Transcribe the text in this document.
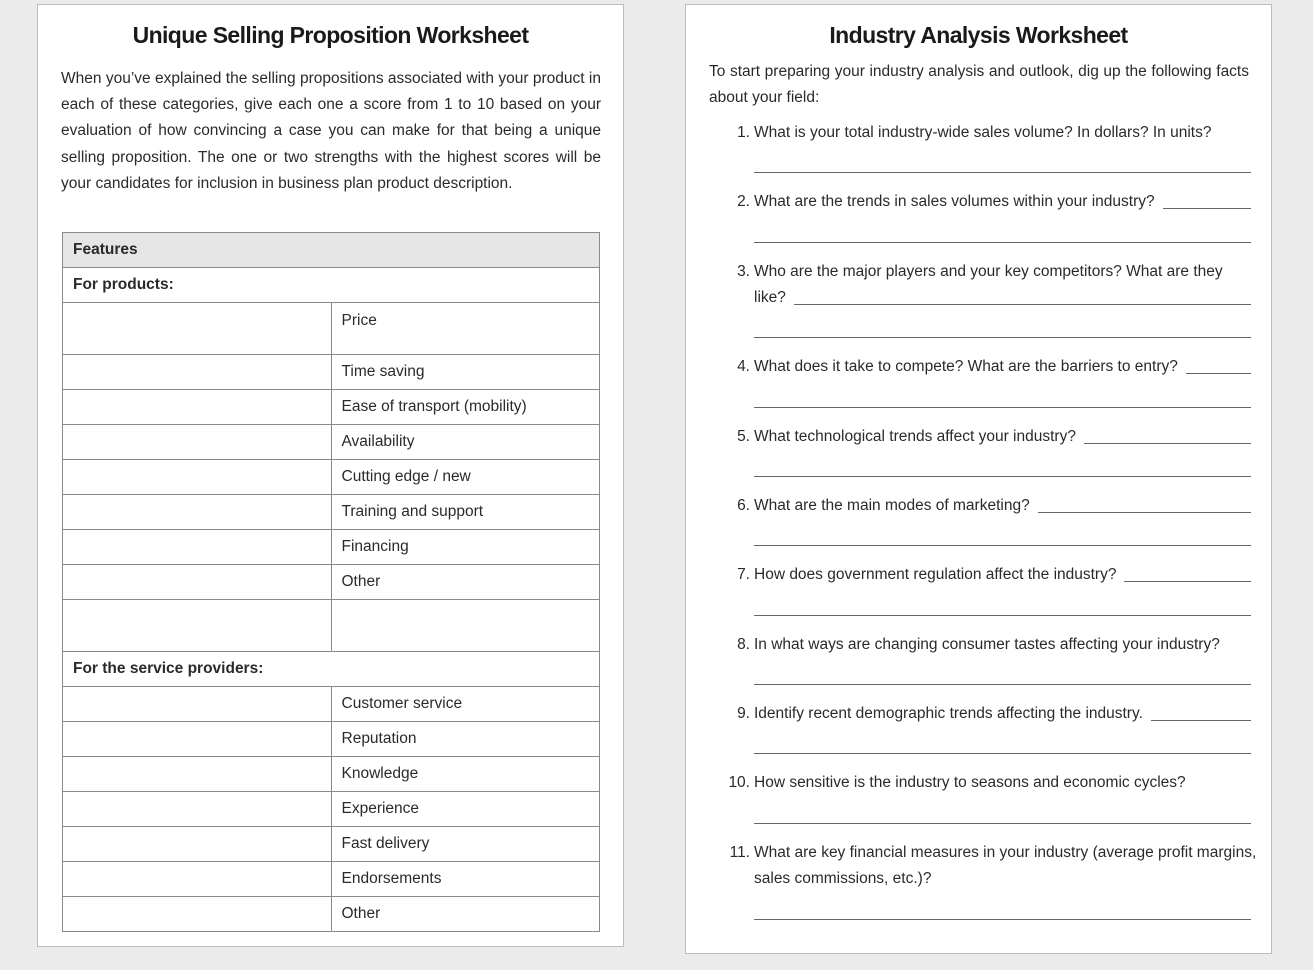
Unique Selling Proposition Worksheet

When you’ve explained the selling propositions associated with your product in each of these categories, give each one a score from 1 to 10 based on your evaluation of how convincing a case you can make for that being a unique selling proposition. The one or two strengths with the highest scores will be your candidates for inclusion in business plan product description.

Features	
For products:	
	Price
	Time saving
	Ease of transport (mobility)
	Availability
	Cutting edge / new
	Training and support
	Financing
	Other

For the service providers:	
	Customer service
	Reputation
	Knowledge
	Experience
	Fast delivery
	Endorsements
	Other
Industry Analysis Worksheet

To start preparing your industry analysis and outlook, dig up the following facts about your field:

1. What is your total industry-wide sales volume? In dollars? In units?
2. What are the trends in sales volumes within your industry?
3. Who are the major players and your key competitors? What are they
like?
4. What does it take to compete? What are the barriers to entry?
5. What technological trends affect your industry?
6. What are the main modes of marketing?
7. How does government regulation affect the industry?
8. In what ways are changing consumer tastes affecting your industry?
9. Identify recent demographic trends affecting the industry.
10. How sensitive is the industry to seasons and economic cycles?
11. What are key financial measures in your industry (average profit margins,
sales commissions, etc.)?
